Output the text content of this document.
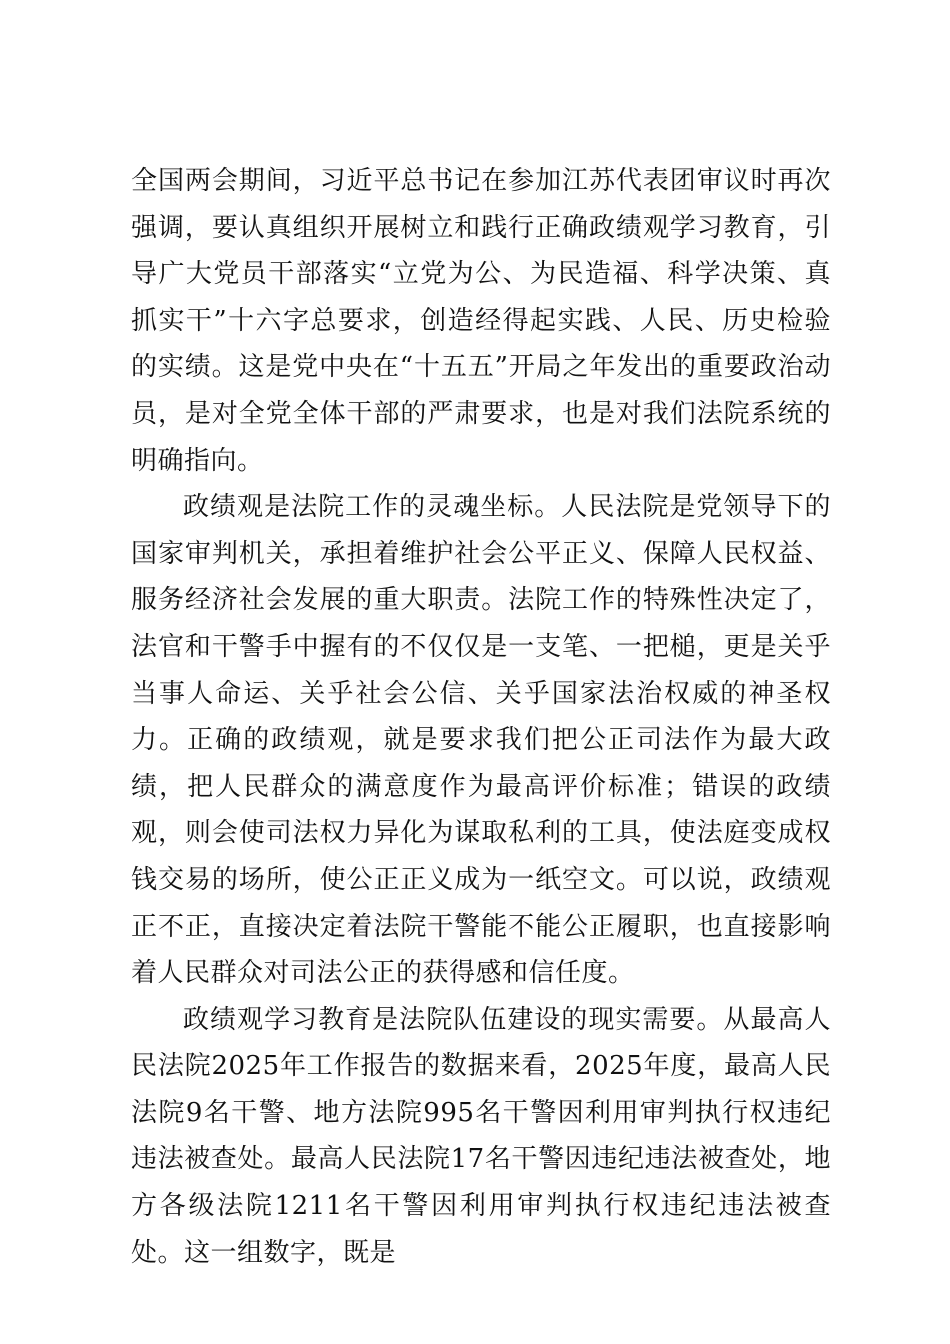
全国两会期间，习近平总书记在参加江苏代表团审议时再次强调，要认真组织开展树立和践行正确政绩观学习教育，引导广大党员干部落实“立党为公、为民造福、科学决策、真抓实干”十六字总要求，创造经得起实践、人民、历史检验的实绩。这是党中央在“十五五”开局之年发出的重要政治动员，是对全党全体干部的严肃要求，也是对我们法院系统的明确指向。

政绩观是法院工作的灵魂坐标。人民法院是党领导下的国家审判机关，承担着维护社会公平正义、保障人民权益、服务经济社会发展的重大职责。法院工作的特殊性决定了，法官和干警手中握有的不仅仅是一支笔、一把槌，更是关乎当事人命运、关乎社会公信、关乎国家法治权威的神圣权力。正确的政绩观，就是要求我们把公正司法作为最大政绩，把人民群众的满意度作为最高评价标准；错误的政绩观，则会使司法权力异化为谋取私利的工具，使法庭变成权钱交易的场所，使公正正义成为一纸空文。可以说，政绩观正不正，直接决定着法院干警能不能公正履职，也直接影响着人民群众对司法公正的获得感和信任度。

政绩观学习教育是法院队伍建设的现实需要。从最高人民法院2025年工作报告的数据来看，2025年度，最高人民法院9名干警、地方法院995名干警因利用审判执行权违纪违法被查处。最高人民法院17名干警因违纪违法被查处，地方各级法院1211名干警因利用审判执行权违纪违法被查处。这一组数字，既是
